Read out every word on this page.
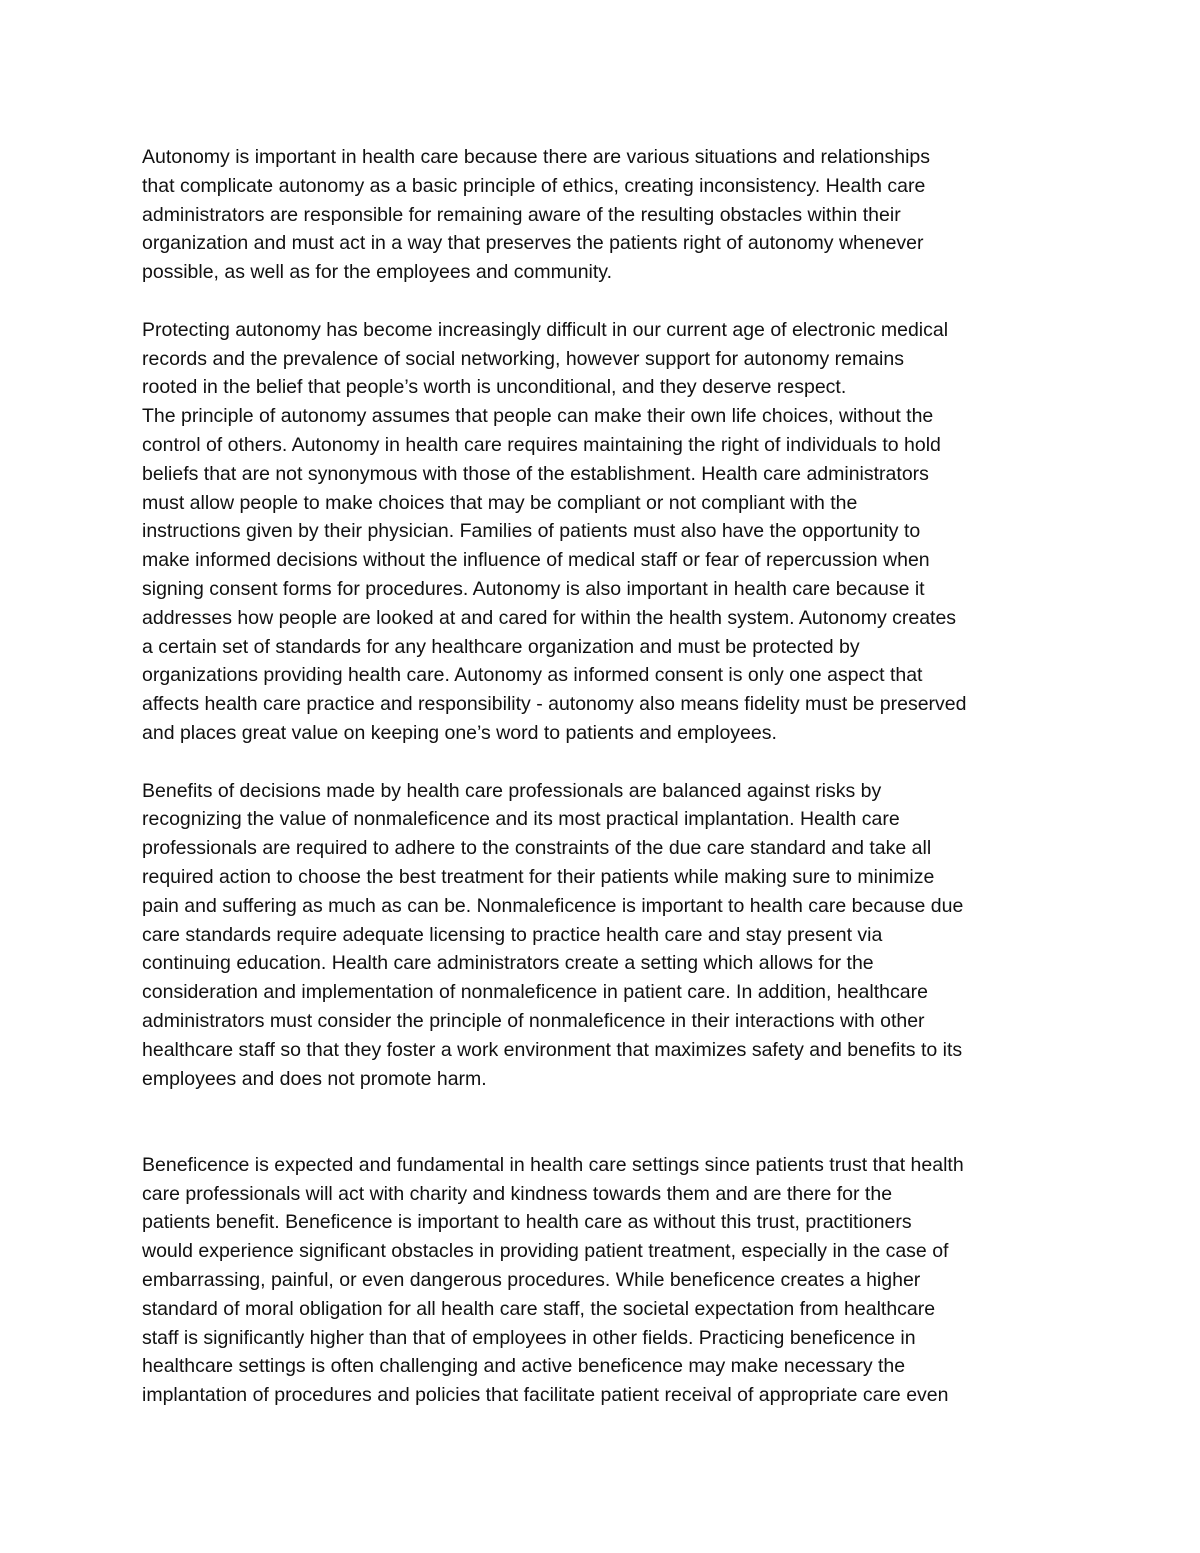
Autonomy is important in health care because there are various situations and relationships
that complicate autonomy as a basic principle of ethics, creating inconsistency. Health care
administrators are responsible for remaining aware of the resulting obstacles within their
organization and must act in a way that preserves the patients right of autonomy whenever
possible, as well as for the employees and community.
Protecting autonomy has become increasingly difficult in our current age of electronic medical
records and the prevalence of social networking, however support for autonomy remains
rooted in the belief that people’s worth is unconditional, and they deserve respect.
The principle of autonomy assumes that people can make their own life choices, without the
control of others. Autonomy in health care requires maintaining the right of individuals to hold
beliefs that are not synonymous with those of the establishment. Health care administrators
must allow people to make choices that may be compliant or not compliant with the
instructions given by their physician. Families of patients must also have the opportunity to
make informed decisions without the influence of medical staff or fear of repercussion when
signing consent forms for procedures. Autonomy is also important in health care because it
addresses how people are looked at and cared for within the health system. Autonomy creates
a certain set of standards for any healthcare organization and must be protected by
organizations providing health care. Autonomy as informed consent is only one aspect that
affects health care practice and responsibility - autonomy also means fidelity must be preserved
and places great value on keeping one’s word to patients and employees.
Benefits of decisions made by health care professionals are balanced against risks by
recognizing the value of nonmaleficence and its most practical implantation. Health care
professionals are required to adhere to the constraints of the due care standard and take all
required action to choose the best treatment for their patients while making sure to minimize
pain and suffering as much as can be. Nonmaleficence is important to health care because due
care standards require adequate licensing to practice health care and stay present via
continuing education. Health care administrators create a setting which allows for the
consideration and implementation of nonmaleficence in patient care. In addition, healthcare
administrators must consider the principle of nonmaleficence in their interactions with other
healthcare staff so that they foster a work environment that maximizes safety and benefits to its
employees and does not promote harm.
Beneficence is expected and fundamental in health care settings since patients trust that health
care professionals will act with charity and kindness towards them and are there for the
patients benefit. Beneficence is important to health care as without this trust, practitioners
would experience significant obstacles in providing patient treatment, especially in the case of
embarrassing, painful, or even dangerous procedures. While beneficence creates a higher
standard of moral obligation for all health care staff, the societal expectation from healthcare
staff is significantly higher than that of employees in other fields. Practicing beneficence in
healthcare settings is often challenging and active beneficence may make necessary the
implantation of procedures and policies that facilitate patient receival of appropriate care even
